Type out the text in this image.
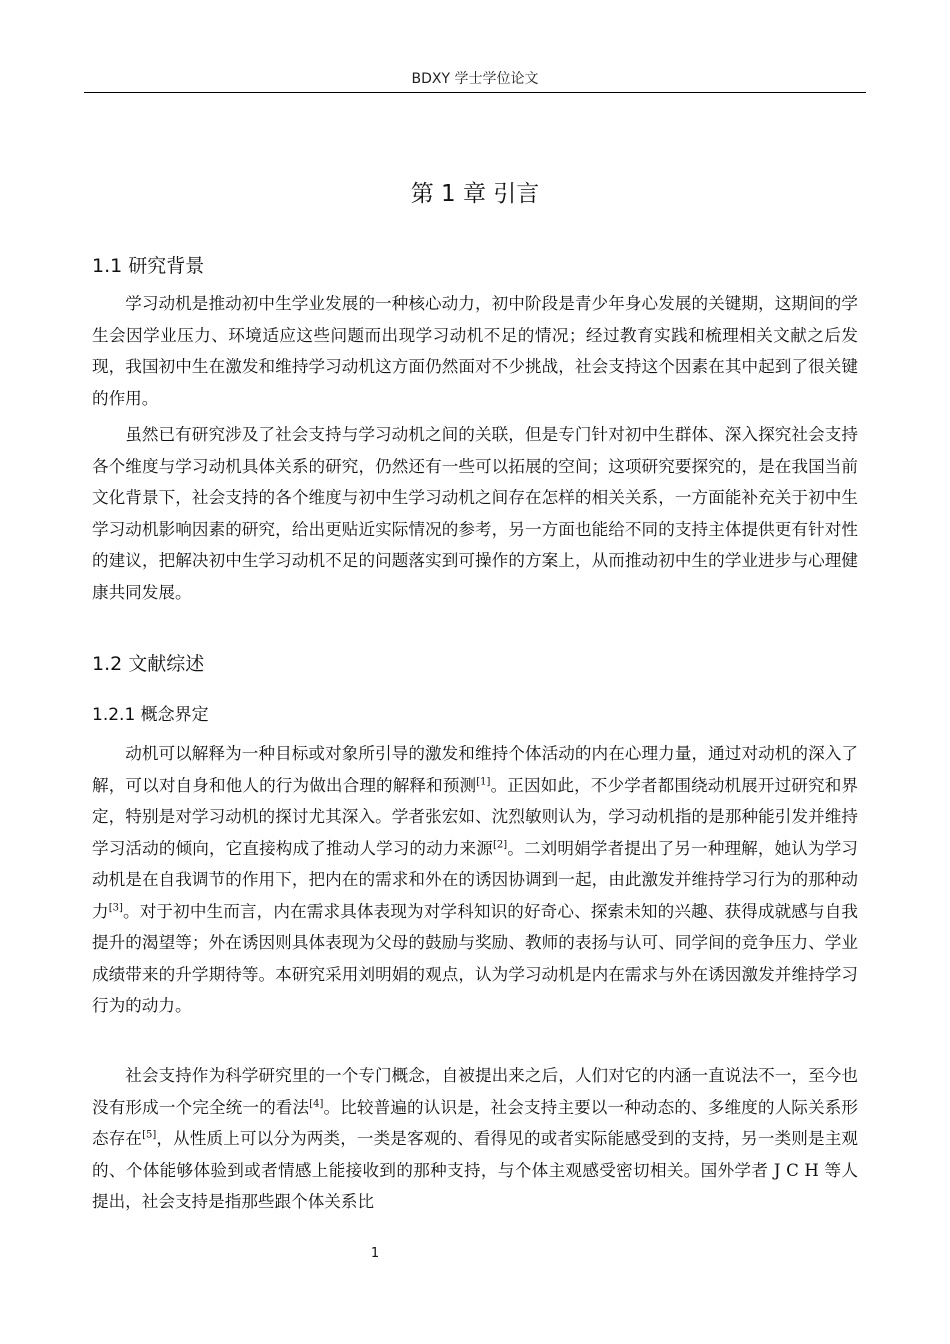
BDXY 学士学位论文
第 1 章 引言
1.1 研究背景

学习动机是推动初中生学业发展的一种核心动力，初中阶段是青少年身心发展的关键期，这期间的学生会因学业压力、环境适应这些问题而出现学习动机不足的情况；经过教育实践和梳理相关文献之后发现，我国初中生在激发和维持学习动机这方面仍然面对不少挑战，社会支持这个因素在其中起到了很关键的作用。

虽然已有研究涉及了社会支持与学习动机之间的关联，但是专门针对初中生群体、深入探究社会支持各个维度与学习动机具体关系的研究，仍然还有一些可以拓展的空间；这项研究要探究的，是在我国当前文化背景下，社会支持的各个维度与初中生学习动机之间存在怎样的相关关系，一方面能补充关于初中生学习动机影响因素的研究，给出更贴近实际情况的参考，另一方面也能给不同的支持主体提供更有针对性的建议，把解决初中生学习动机不足的问题落实到可操作的方案上，从而推动初中生的学业进步与心理健康共同发展。

1.2 文献综述
1.2.1 概念界定

动机可以解释为一种目标或对象所引导的激发和维持个体活动的内在心理力量，通过对动机的深入了解，可以对自身和他人的行为做出合理的解释和预测[1]。正因如此，不少学者都围绕动机展开过研究和界定，特别是对学习动机的探讨尤其深入。学者张宏如、沈烈敏则认为，学习动机指的是那种能引发并维持学习活动的倾向，它直接构成了推动人学习的动力来源[2]。二刘明娟学者提出了另一种理解，她认为学习动机是在自我调节的作用下，把内在的需求和外在的诱因协调到一起，由此激发并维持学习行为的那种动力[3]。对于初中生而言，内在需求具体表现为对学科知识的好奇心、探索未知的兴趣、获得成就感与自我提升的渴望等；外在诱因则具体表现为父母的鼓励与奖励、教师的表扬与认可、同学间的竞争压力、学业成绩带来的升学期待等。本研究采用刘明娟的观点，认为学习动机是内在需求与外在诱因激发并维持学习行为的动力。

社会支持作为科学研究里的一个专门概念，自被提出来之后，人们对它的内涵一直说法不一，至今也没有形成一个完全统一的看法[4]。比较普遍的认识是，社会支持主要以一种动态的、多维度的人际关系形态存在[5]，从性质上可以分为两类，一类是客观的、看得见的或者实际能感受到的支持，另一类则是主观的、个体能够体验到或者情感上能接收到的那种支持，与个体主观感受密切相关。国外学者 J C H 等人提出，社会支持是指那些跟个体关系比

1
